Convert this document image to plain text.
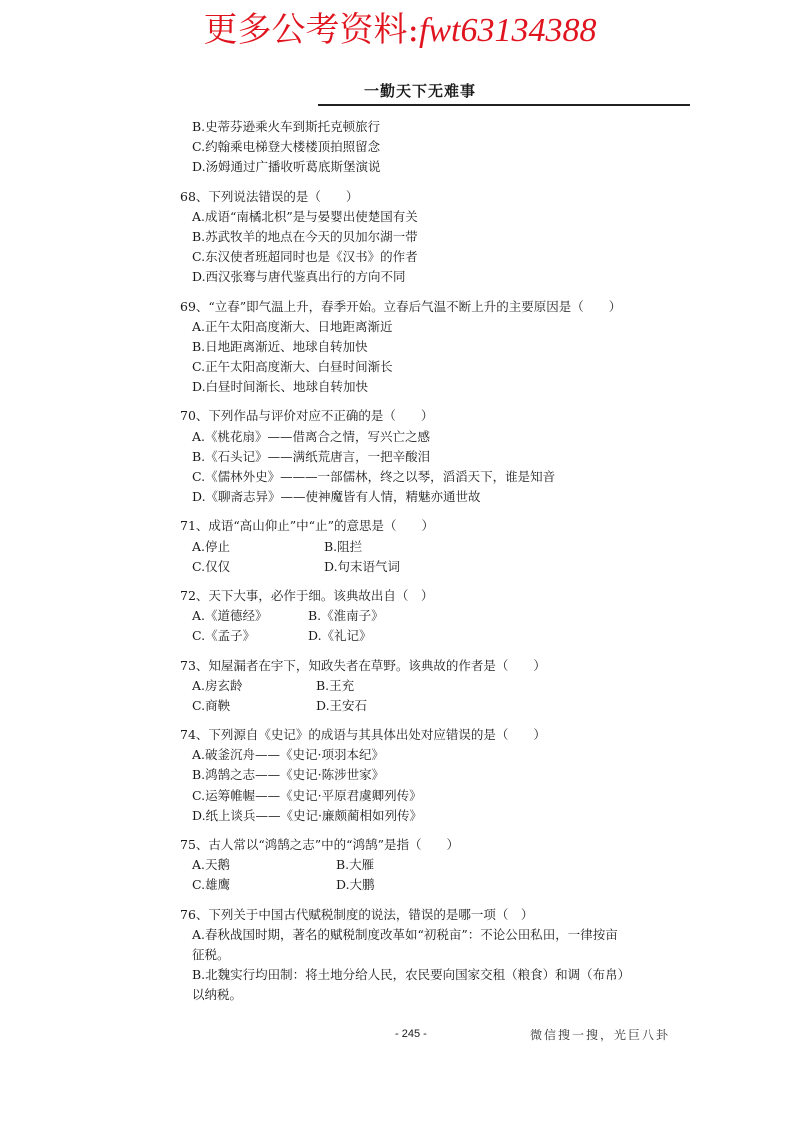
更多公考资料:fwt63134388
一勤天下无难事
B.史蒂芬逊乘火车到斯托克顿旅行
C.约翰乘电梯登大楼楼顶拍照留念
D.汤姆通过广播收听葛底斯堡演说
68、下列说法错误的是（　　）
A.成语“南橘北枳”是与晏婴出使楚国有关
B.苏武牧羊的地点在今天的贝加尔湖一带
C.东汉使者班超同时也是《汉书》的作者
D.西汉张骞与唐代鉴真出行的方向不同
69、“立春”即气温上升，春季开始。立春后气温不断上升的主要原因是（　　）
A.正午太阳高度渐大、日地距离渐近
B.日地距离渐近、地球自转加快
C.正午太阳高度渐大、白昼时间渐长
D.白昼时间渐长、地球自转加快
70、下列作品与评价对应不正确的是（　　）
A.《桃花扇》——借离合之情，写兴亡之感
B.《石头记》——满纸荒唐言，一把辛酸泪
C.《儒林外史》———一部儒林，终之以琴，滔滔天下，谁是知音
D.《聊斋志异》——使神魔皆有人情，精魅亦通世故
71、成语“高山仰止”中“止”的意思是（　　）
A.停止	B.阻拦
C.仅仅	D.句末语气词
72、天下大事，必作于细。该典故出自（　）
A.《道德经》	B.《淮南子》
C.《孟子》	D.《礼记》
73、知屋漏者在宇下，知政失者在草野。该典故的作者是（　　）
A.房玄龄	B.王充
C.商鞅	D.王安石
74、下列源自《史记》的成语与其具体出处对应错误的是（　　）
A.破釜沉舟——《史记·项羽本纪》
B.鸿鹄之志——《史记·陈涉世家》
C.运筹帷幄——《史记·平原君虞卿列传》
D.纸上谈兵——《史记·廉颇蔺相如列传》
75、古人常以“鸿鹄之志”中的“鸿鹄”是指（　　）
A.天鹅	B.大雁
C.雄鹰	D.大鹏
76、下列关于中国古代赋税制度的说法，错误的是哪一项（　）
A.春秋战国时期，著名的赋税制度改革如“初税亩”：不论公田私田，一律按亩
征税。
B.北魏实行均田制：将土地分给人民，农民要向国家交租（粮食）和调（布帛）
以纳税。
- 245 -	微信搜一搜，光巨八卦
